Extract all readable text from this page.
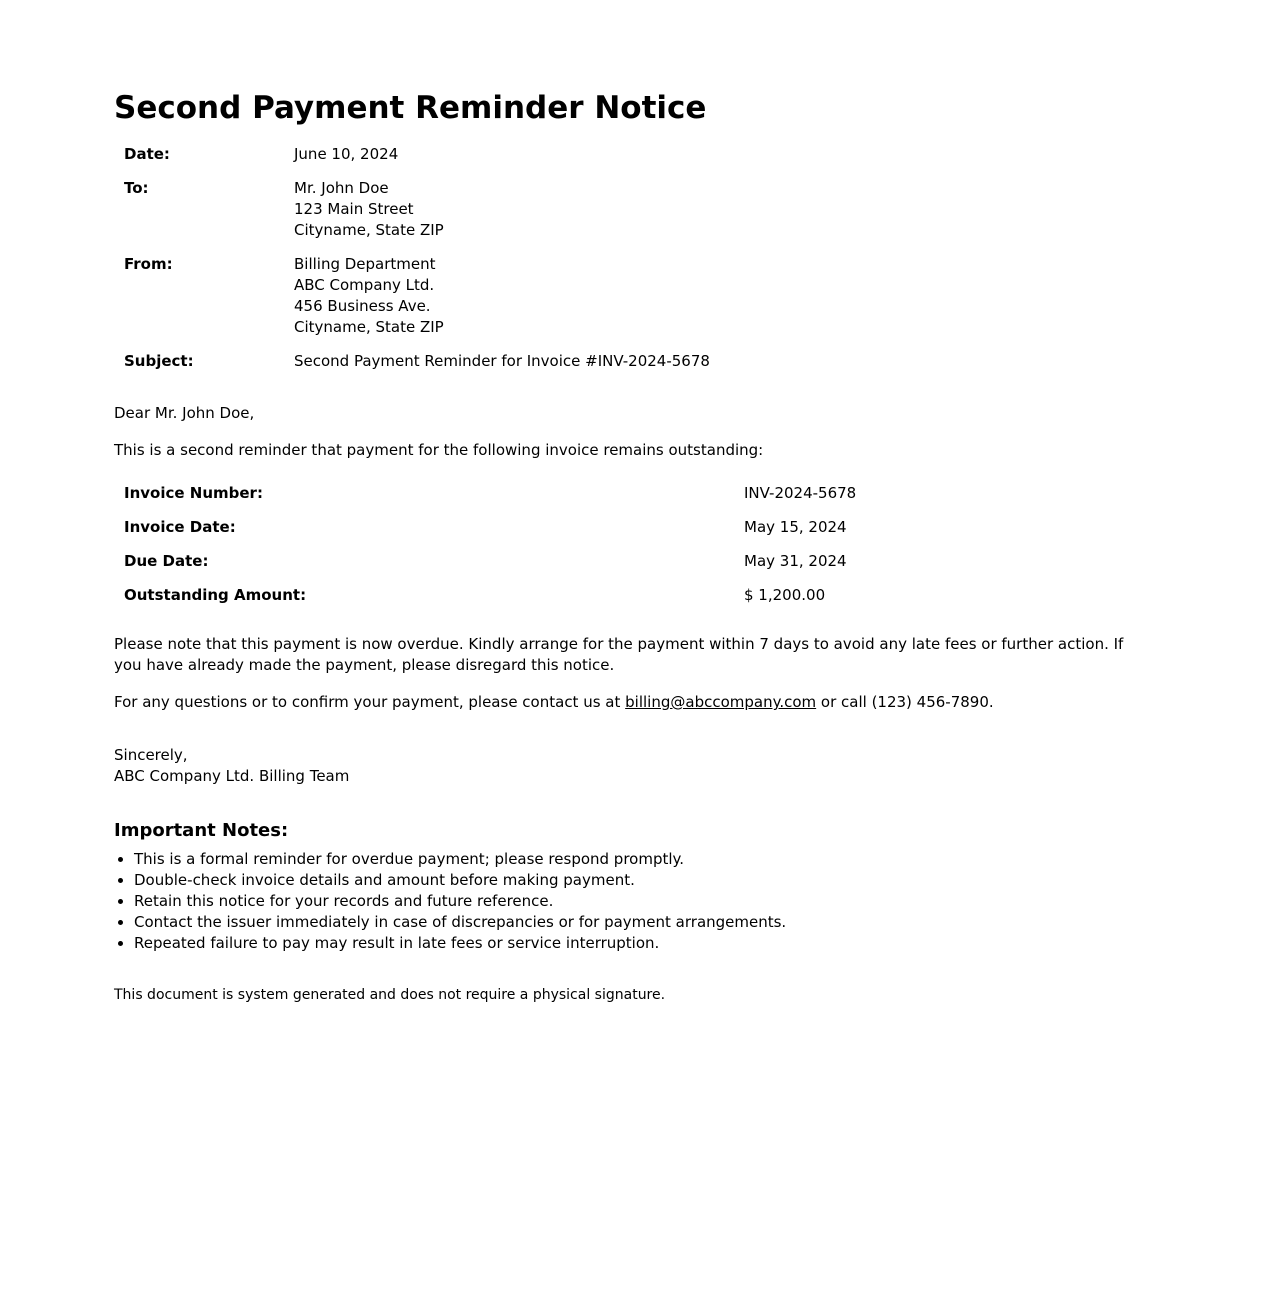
Second Payment Reminder Notice
Date:	June 10, 2024
To:	Mr. John Doe
123 Main Street
Cityname, State ZIP

From:	Billing Department
ABC Company Ltd.
456 Business Ave.
Cityname, State ZIP

Subject:	Second Payment Reminder for Invoice #INV-2024-5678

Dear Mr. John Doe,

This is a second reminder that payment for the following invoice remains outstanding:

Invoice Number:	INV-2024-5678
Invoice Date:	May 15, 2024
Due Date:	May 31, 2024
Outstanding Amount:	$ 1,200.00

Please note that this payment is now overdue. Kindly arrange for the payment within 7 days to avoid any late fees or further action. If you have already made the payment, please disregard this notice.

For any questions or to confirm your payment, please contact us at billing@abccompany.com or call (123) 456-7890.

Sincerely,
ABC Company Ltd. Billing Team
Important Notes:
• This is a formal reminder for overdue payment; please respond promptly.
• Double-check invoice details and amount before making payment.
• Retain this notice for your records and future reference.
• Contact the issuer immediately in case of discrepancies or for payment arrangements.
• Repeated failure to pay may result in late fees or service interruption.
This document is system generated and does not require a physical signature.
